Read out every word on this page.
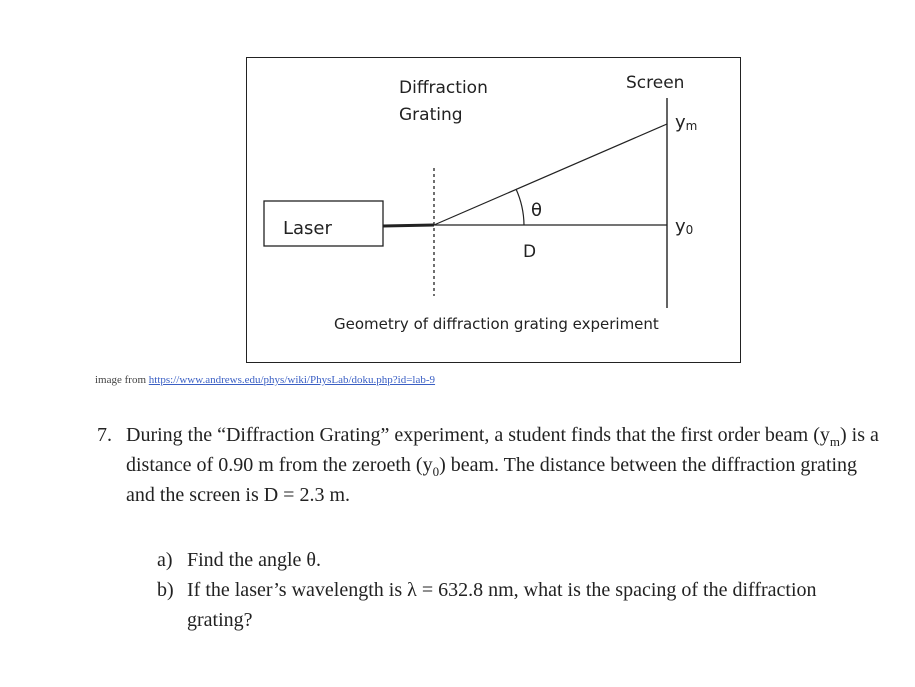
Laser
Diffraction
Grating
Screen
ym
y0
θ
D
Geometry of diffraction grating experiment
image from https://www.andrews.edu/phys/wiki/PhysLab/doku.php?id=lab-9
7. During the “Diffraction Grating” experiment, a student finds that the first order beam $(y_m)$ is a distance of 0.90 m from the zeroeth $(y_0)$ beam. The distance between the diffraction grating and the screen is D = 2.3 m.
a) Find the angle θ.
b) If the laser’s wavelength is λ = 632.8 nm, what is the spacing of the diffraction grating?
